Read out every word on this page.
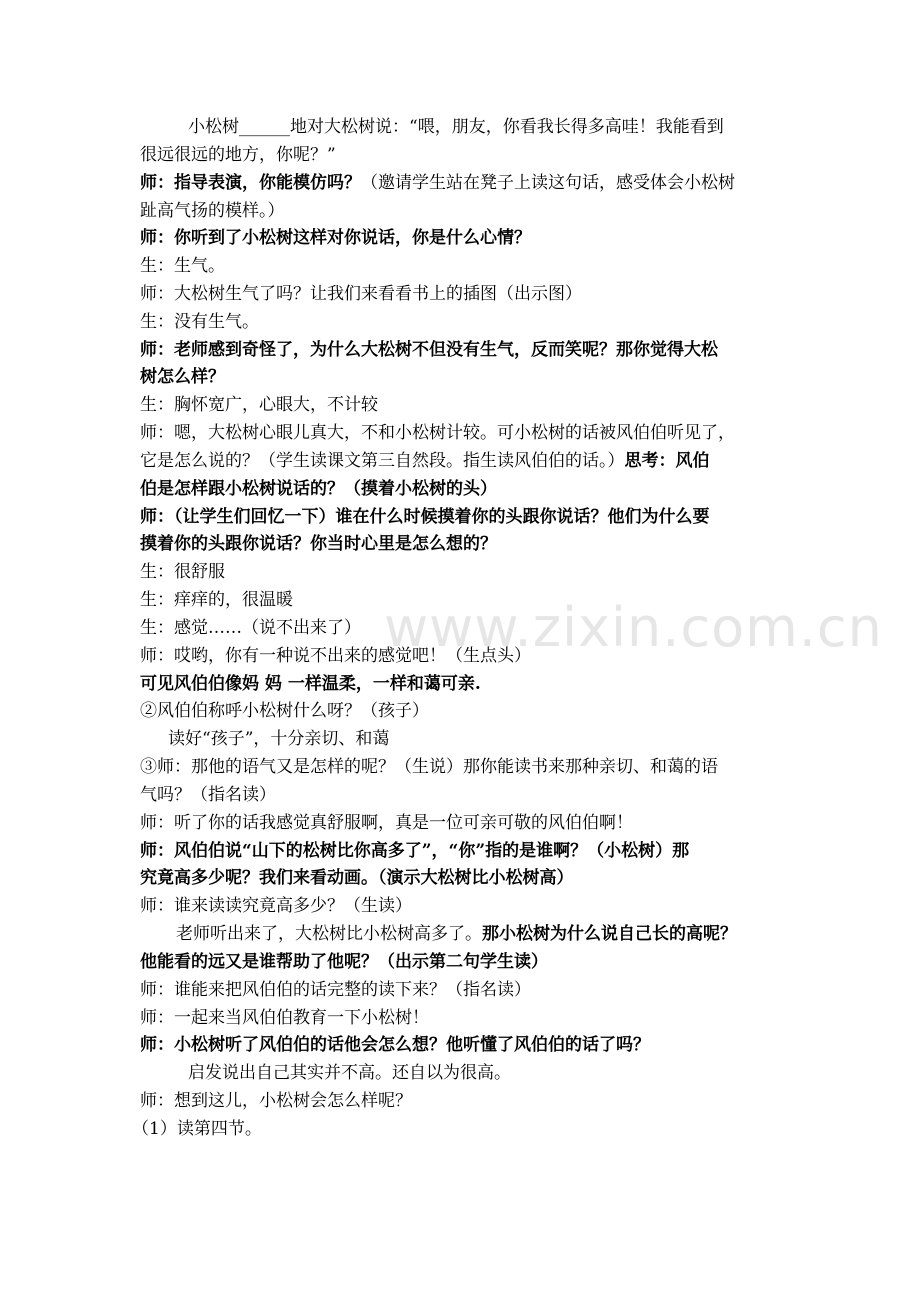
www.zixin.com.cn
小松树______地对大松树说：“喂，朋友，你看我长得多高哇！我能看到
很远很远的地方，你呢？”
师：指导表演，你能模仿吗？（邀请学生站在凳子上读这句话，感受体会小松树
趾高气扬的模样。）
师：你听到了小松树这样对你说话，你是什么心情？
生：生气。
师：大松树生气了吗？让我们来看看书上的插图（出示图）
生：没有生气。
师：老师感到奇怪了，为什么大松树不但没有生气，反而笑呢？那你觉得大松
树怎么样？
生：胸怀宽广，心眼大，不计较
师：嗯，大松树心眼儿真大，不和小松树计较。可小松树的话被风伯伯听见了，
它是怎么说的？（学生读课文第三自然段。指生读风伯伯的话。）思考：风伯
伯是怎样跟小松树说话的？（摸着小松树的头）
师：（让学生们回忆一下）谁在什么时候摸着你的头跟你说话？他们为什么要
摸着你的头跟你说话？你当时心里是怎么想的？
生：很舒服
生：痒痒的，很温暖
生：感觉……（说不出来了）
师：哎哟，你有一种说不出来的感觉吧！（生点头）
可见风伯伯像妈 妈 一样温柔，一样和蔼可亲.
②风伯伯称呼小松树什么呀？（孩子）
读好“孩子”，十分亲切、和蔼
③师：那他的语气又是怎样的呢？（生说）那你能读书来那种亲切、和蔼的语
气吗？（指名读）
师：听了你的话我感觉真舒服啊，真是一位可亲可敬的风伯伯啊！
师：风伯伯说“山下的松树比你高多了”，“你”指的是谁啊？（小松树）那
究竟高多少呢？我们来看动画。（演示大松树比小松树高）
师：谁来读读究竟高多少？（生读）
老师听出来了，大松树比小松树高多了。那小松树为什么说自己长的高呢？
他能看的远又是谁帮助了他呢？（出示第二句学生读）
师：谁能来把风伯伯的话完整的读下来？（指名读）
师：一起来当风伯伯教育一下小松树！
师：小松树听了风伯伯的话他会怎么想？他听懂了风伯伯的话了吗？
启发说出自己其实并不高。还自以为很高。
师：想到这儿，小松树会怎么样呢？
（1）读第四节。
